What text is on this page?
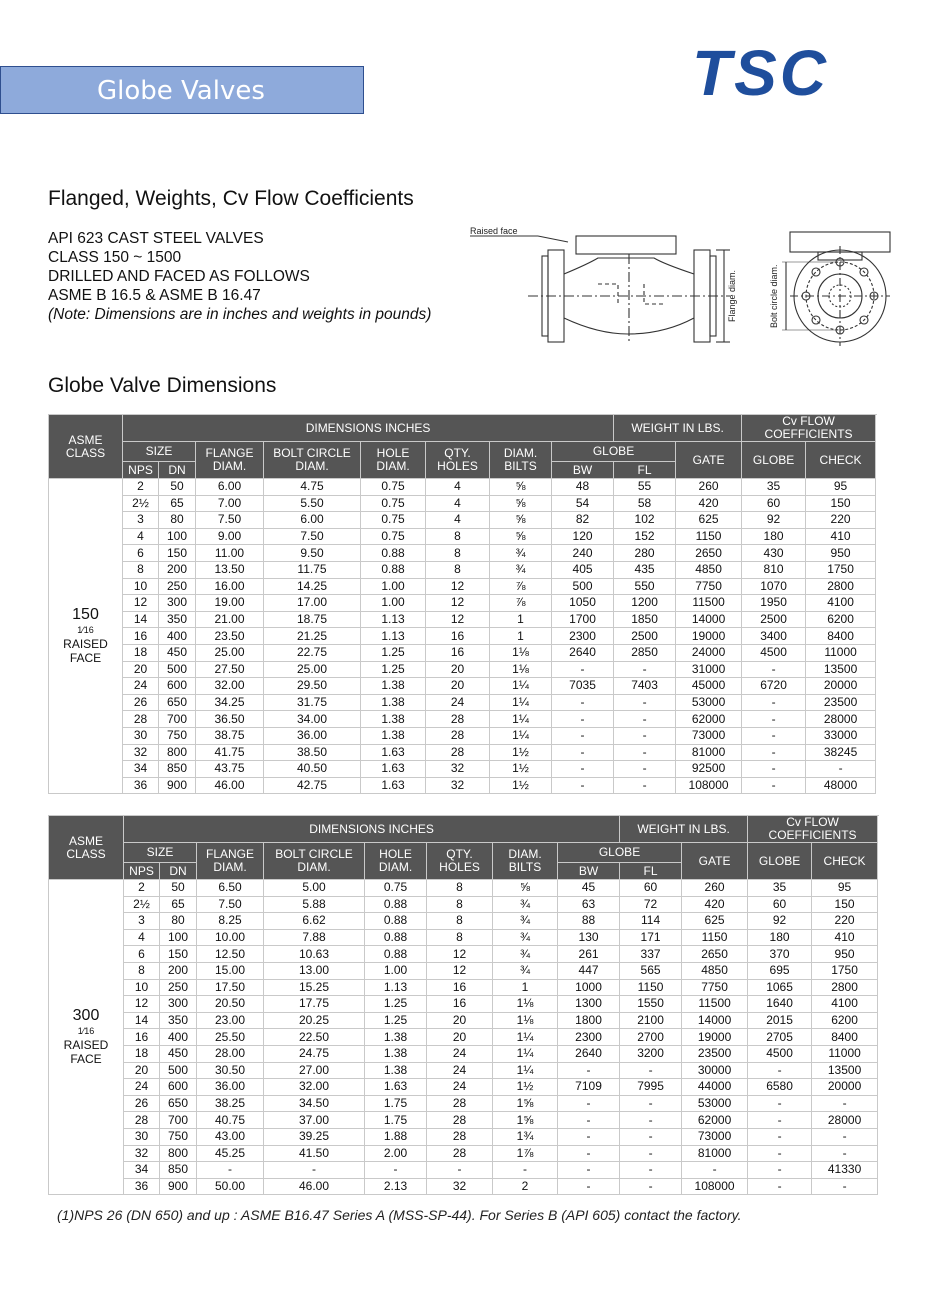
Globe Valves	TSC
Flanged, Weights, Cv Flow Coefficients
API 623 CAST STEEL VALVES
CLASS 150 ~ 1500
DRILLED AND FACED AS FOLLOWS
ASME B 16.5 & ASME B 16.47
(Note: Dimensions are in inches and weights in pounds)
Raised face
Flange diam.	Bolt circle diam.
Globe Valve Dimensions
ASME CLASS	DIMENSIONS INCHES								WEIGHT IN LBS.		Cv FLOW COEFFICIENTS	
	SIZE		FLANGE DIAM.	BOLT CIRCLE DIAM.	HOLE DIAM.	QTY. HOLES	DIAM. BILTS	GLOBE		GATE	GLOBE	CHECK
	NPS	DN						BW	FL			

150
1⁄16
RAISED FACE	2	50	6.00	4.75	0.75	4	⅝	48	55	260	35	95
	2½	65	7.00	5.50	0.75	4	⅝	54	58	420	60	150
	3	80	7.50	6.00	0.75	4	⅝	82	102	625	92	220
	4	100	9.00	7.50	0.75	8	⅝	120	152	1150	180	410
	6	150	11.00	9.50	0.88	8	¾	240	280	2650	430	950
	8	200	13.50	11.75	0.88	8	¾	405	435	4850	810	1750
	10	250	16.00	14.25	1.00	12	⅞	500	550	7750	1070	2800
	12	300	19.00	17.00	1.00	12	⅞	1050	1200	11500	1950	4100
	14	350	21.00	18.75	1.13	12	1	1700	1850	14000	2500	6200
	16	400	23.50	21.25	1.13	16	1	2300	2500	19000	3400	8400
	18	450	25.00	22.75	1.25	16	1⅛	2640	2850	24000	4500	11000
	20	500	27.50	25.00	1.25	20	1⅛	-	-	31000	-	13500
	24	600	32.00	29.50	1.38	20	1¼	7035	7403	45000	6720	20000
	26	650	34.25	31.75	1.38	24	1¼	-	-	53000	-	23500
	28	700	36.50	34.00	1.38	28	1¼	-	-	62000	-	28000
	30	750	38.75	36.00	1.38	28	1¼	-	-	73000	-	33000
	32	800	41.75	38.50	1.63	28	1½	-	-	81000	-	38245
	34	850	43.75	40.50	1.63	32	1½	-	-	92500	-	-
	36	900	46.00	42.75	1.63	32	1½	-	-	108000	-	48000
ASME CLASS	DIMENSIONS INCHES								WEIGHT IN LBS.		Cv FLOW COEFFICIENTS	
	SIZE		FLANGE DIAM.	BOLT CIRCLE DIAM.	HOLE DIAM.	QTY. HOLES	DIAM. BILTS	GLOBE		GATE	GLOBE	CHECK
	NPS	DN						BW	FL			

300
1⁄16
RAISED FACE	2	50	6.50	5.00	0.75	8	⅝	45	60	260	35	95
	2½	65	7.50	5.88	0.88	8	¾	63	72	420	60	150
	3	80	8.25	6.62	0.88	8	¾	88	114	625	92	220
	4	100	10.00	7.88	0.88	8	¾	130	171	1150	180	410
	6	150	12.50	10.63	0.88	12	¾	261	337	2650	370	950
	8	200	15.00	13.00	1.00	12	¾	447	565	4850	695	1750
	10	250	17.50	15.25	1.13	16	1	1000	1150	7750	1065	2800
	12	300	20.50	17.75	1.25	16	1⅛	1300	1550	11500	1640	4100
	14	350	23.00	20.25	1.25	20	1⅛	1800	2100	14000	2015	6200
	16	400	25.50	22.50	1.38	20	1¼	2300	2700	19000	2705	8400
	18	450	28.00	24.75	1.38	24	1¼	2640	3200	23500	4500	11000
	20	500	30.50	27.00	1.38	24	1¼	-	-	30000	-	13500
	24	600	36.00	32.00	1.63	24	1½	7109	7995	44000	6580	20000
	26	650	38.25	34.50	1.75	28	1⅝	-	-	53000	-	-
	28	700	40.75	37.00	1.75	28	1⅝	-	-	62000	-	28000
	30	750	43.00	39.25	1.88	28	1¾	-	-	73000	-	-
	32	800	45.25	41.50	2.00	28	1⅞	-	-	81000	-	-
	34	850	-	-	-	-	-	-	-	-	-	41330
	36	900	50.00	46.00	2.13	32	2	-	-	108000	-	-
(1)NPS 26 (DN 650) and up : ASME B16.47 Series A (MSS-SP-44). For Series B (API 605) contact the factory.
